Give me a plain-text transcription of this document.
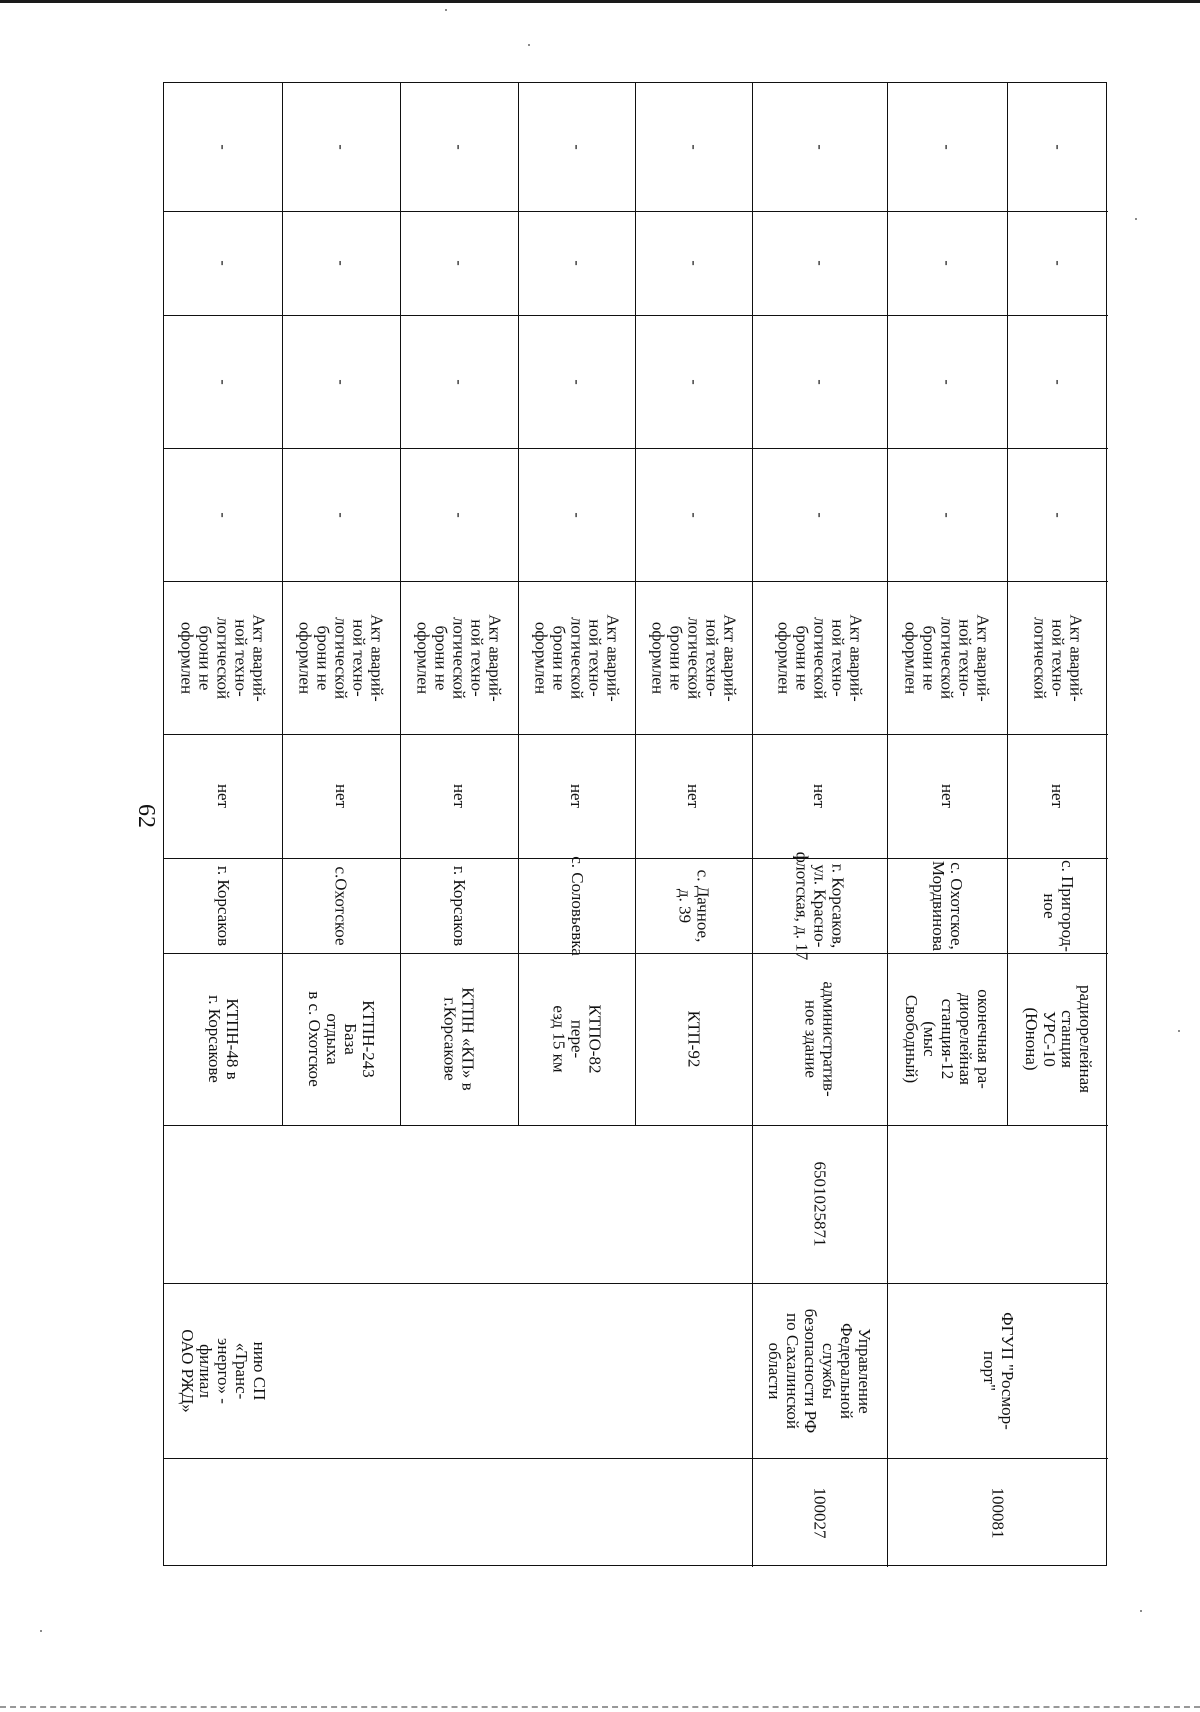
62
-
-
-
-
Акт аварий-
ной техно-
логической
брони не
оформлен
нет
г. Корсаков
КТПН-48 в
г. Корсакове
-
-
-
-
Акт аварий-
ной техно-
логической
брони не
оформлен
нет
с.Охотское
КТПН-243 База
отдыха
в с. Охотское
-
-
-
-
Акт аварий-
ной техно-
логической
брони не
оформлен
нет
г. Корсаков
КТПН «КП» в
г.Корсакове
-
-
-
-
Акт аварий-
ной техно-
логической
брони не
оформлен
нет
с. Соловьевка
КТПО-82 пере-
езд 15 км
-
-
-
-
Акт аварий-
ной техно-
логической
брони не
оформлен
нет
с. Дачное,
д. 39
КТП-92
-
-
-
-
Акт аварий-
ной техно-
логической
брони не
оформлен
нет
г. Корсаков,
ул. Красно-
флотская, д. 17
административ-
ное здание
-
-
-
-
Акт аварий-
ной техно-
логической
брони не
оформлен
нет
с. Охотское,
Мордвинова
оконечная ра-
диорелейная
станция-12 (мыс
Свободный)
-
-
-
-
Акт аварий-
ной техно-
логической
нет
с. Пригород-
ное
радиорелейная
станция УРС-10
(Юнона)
нию СП «Транс-
энерго» - филиал
ОАО РЖД»
6501025871
Управление
Федеральной
службы
безопасности РФ
по Сахалинской
области
100027
ФГУП "Росмор-
порт"
100081
